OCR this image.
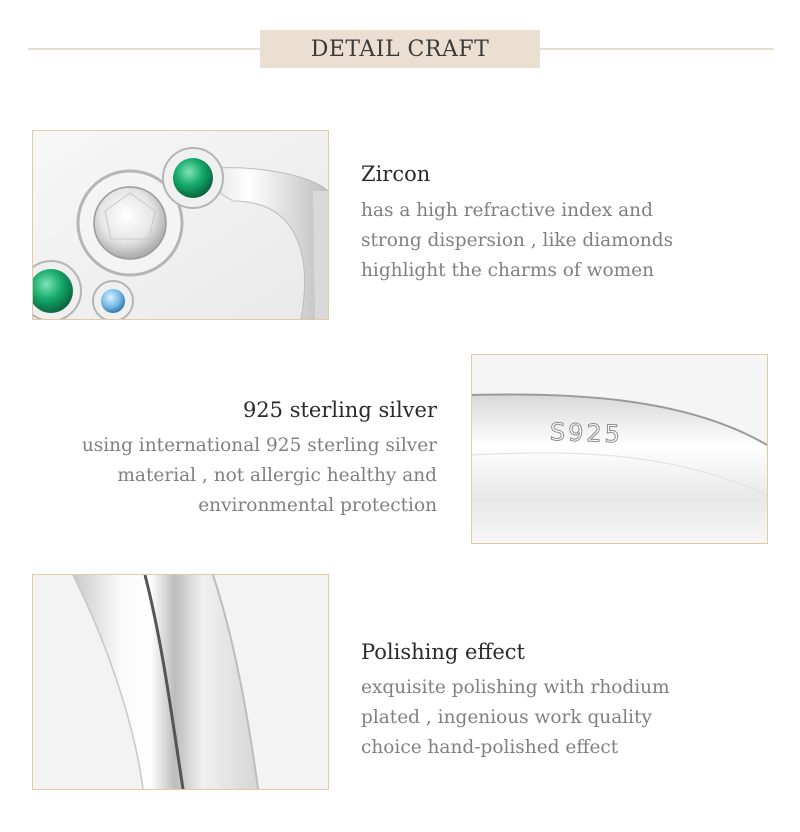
DETAIL CRAFT
Zircon
has a high refractive index and
strong dispersion , like diamonds
highlight the charms of women
925 sterling silver
using international 925 sterling silver
material , not allergic healthy and
environmental protection
S925
Polishing effect
exquisite polishing with rhodium
plated , ingenious work quality
choice hand-polished effect
